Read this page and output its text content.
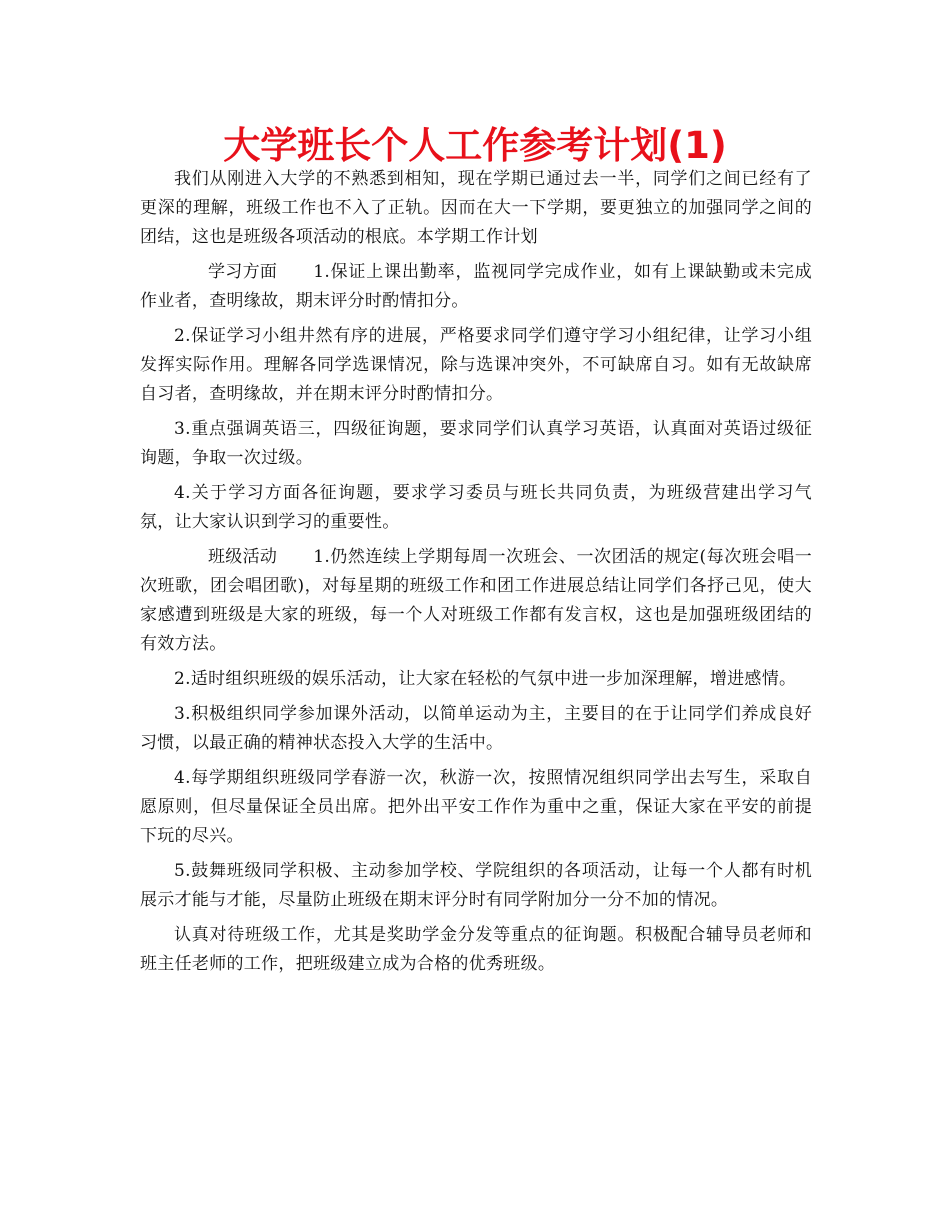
大学班长个人工作参考计划(1)

我们从刚进入大学的不熟悉到相知，现在学期已通过去一半，同学们之间已经有了更深的理解，班级工作也不入了正轨。因而在大一下学期，要更独立的加强同学之间的团结，这也是班级各项活动的根底。本学期工作计划

学习方面 1.保证上课出勤率，监视同学完成作业，如有上课缺勤或未完成作业者，查明缘故，期末评分时酌情扣分。

2.保证学习小组井然有序的进展，严格要求同学们遵守学习小组纪律，让学习小组发挥实际作用。理解各同学选课情况，除与选课冲突外，不可缺席自习。如有无故缺席自习者，查明缘故，并在期末评分时酌情扣分。

3.重点强调英语三，四级征询题，要求同学们认真学习英语，认真面对英语过级征询题，争取一次过级。

4.关于学习方面各征询题，要求学习委员与班长共同负责，为班级营建出学习气氛，让大家认识到学习的重要性。

班级活动 1.仍然连续上学期每周一次班会、一次团活的规定(每次班会唱一次班歌，团会唱团歌)，对每星期的班级工作和团工作进展总结让同学们各抒己见，使大家感遭到班级是大家的班级，每一个人对班级工作都有发言权，这也是加强班级团结的有效方法。

2.适时组织班级的娱乐活动，让大家在轻松的气氛中进一步加深理解，增进感情。

3.积极组织同学参加课外活动，以简单运动为主，主要目的在于让同学们养成良好习惯，以最正确的精神状态投入大学的生活中。

4.每学期组织班级同学春游一次，秋游一次，按照情况组织同学出去写生，采取自愿原则，但尽量保证全员出席。把外出平安工作作为重中之重，保证大家在平安的前提下玩的尽兴。

5.鼓舞班级同学积极、主动参加学校、学院组织的各项活动，让每一个人都有时机展示才能与才能，尽量防止班级在期末评分时有同学附加分一分不加的情况。

认真对待班级工作，尤其是奖助学金分发等重点的征询题。积极配合辅导员老师和班主任老师的工作，把班级建立成为合格的优秀班级。
